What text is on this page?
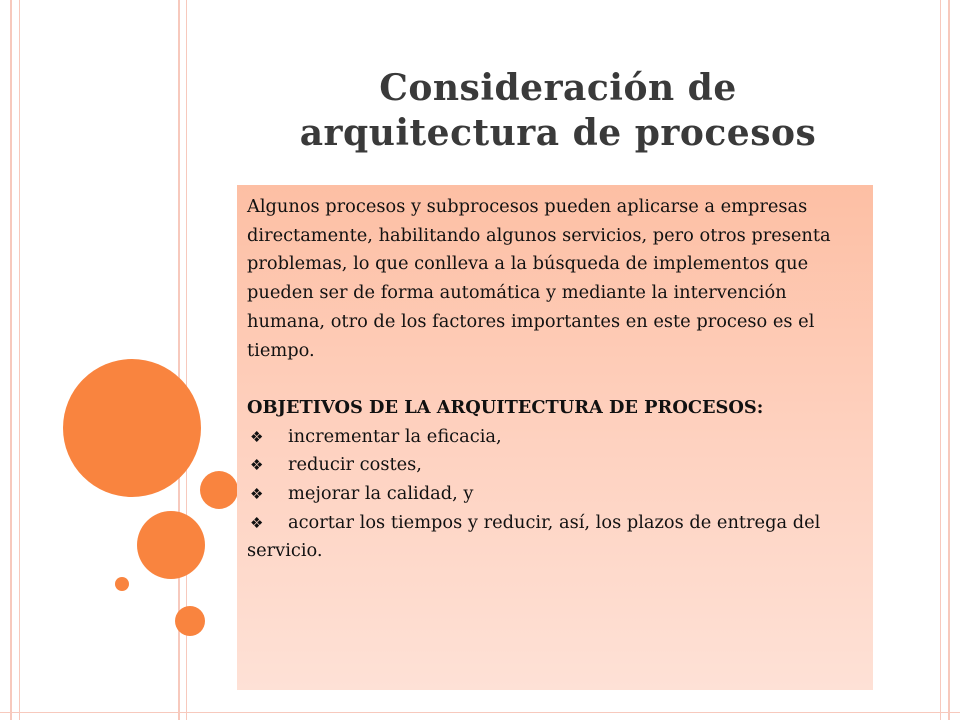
Consideración de
arquitectura de procesos

Algunos procesos y subprocesos pueden aplicarse a empresas directamente, habilitando algunos servicios, pero otros presenta problemas, lo que conlleva a la búsqueda de implementos que pueden ser de forma automática y mediante la intervención humana, otro de los factores importantes en este proceso es el tiempo.

OBJETIVOS DE LA ARQUITECTURA DE PROCESOS:

❖ incrementar la eficacia,
❖ reducir costes,
❖ mejorar la calidad, y
❖ acortar los tiempos y reducir, así, los plazos de entrega del servicio.
